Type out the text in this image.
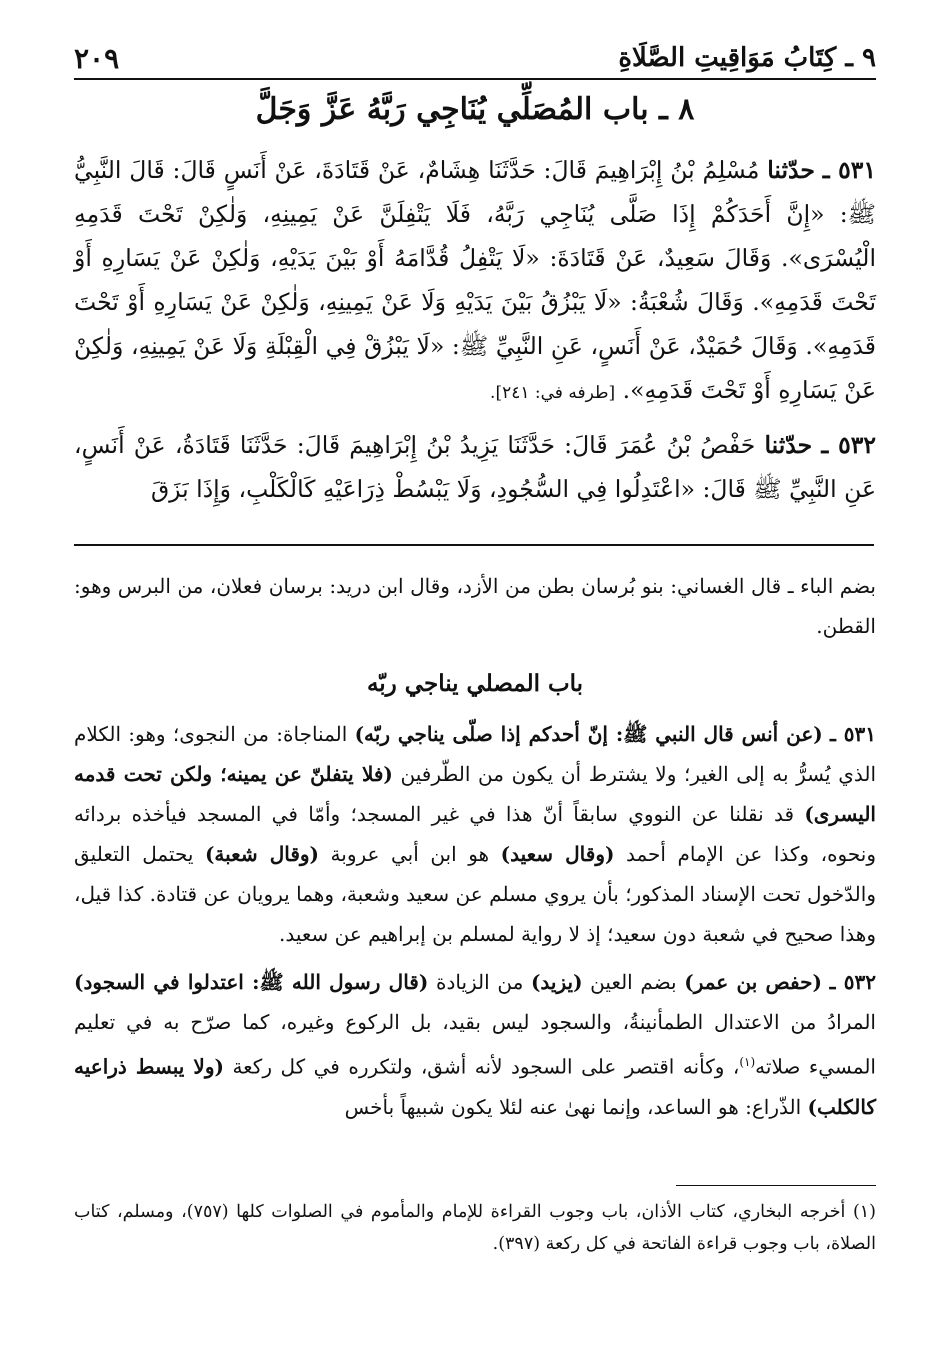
٩ ـ كِتَابُ مَوَاقِيتِ الصَّلَاةِ
٢٠٩
٨ ـ باب المُصَلِّي يُنَاجِي رَبَّهُ عَزَّ وَجَلَّ

٥٣١ ـ حدّثنا مُسْلِمُ بْنُ إِبْرَاهِيمَ قَالَ: حَدَّثَنَا هِشَامٌ، عَنْ قَتَادَةَ، عَنْ أَنَسٍ قَالَ: قَالَ النَّبِيُّ ﷺ: «إِنَّ أَحَدَكُمْ إِذَا صَلَّى يُنَاجِي رَبَّهُ، فَلَا يَتْفِلَنَّ عَنْ يَمِينِهِ، وَلٰكِنْ تَحْتَ قَدَمِهِ الْيُسْرَى». وَقَالَ سَعِيدٌ، عَنْ قَتَادَةَ: «لَا يَتْفِلُ قُدَّامَهُ أَوْ بَيْنَ يَدَيْهِ، وَلٰكِنْ عَنْ يَسَارِهِ أَوْ تَحْتَ قَدَمِهِ». وَقَالَ شُعْبَةُ: «لَا يَبْزُقُ بَيْنَ يَدَيْهِ وَلَا عَنْ يَمِينِهِ، وَلٰكِنْ عَنْ يَسَارِهِ أَوْ تَحْتَ قَدَمِهِ». وَقَالَ حُمَيْدٌ، عَنْ أَنَسٍ، عَنِ النَّبِيِّ ﷺ: «لَا يَبْزُقْ فِي الْقِبْلَةِ وَلَا عَنْ يَمِينِهِ، وَلٰكِنْ عَنْ يَسَارِهِ أَوْ تَحْتَ قَدَمِهِ». [طرفه في: ٢٤١].

٥٣٢ ـ حدّثنا حَفْصُ بْنُ عُمَرَ قَالَ: حَدَّثَنَا يَزِيدُ بْنُ إِبْرَاهِيمَ قَالَ: حَدَّثَنَا قَتَادَةُ، عَنْ أَنَسٍ، عَنِ النَّبِيِّ ﷺ قَالَ: «اعْتَدِلُوا فِي السُّجُودِ، وَلَا يَبْسُطْ ذِرَاعَيْهِ كَالْكَلْبِ، وَإِذَا بَزَقَ

بضم الباء ـ قال الغساني: بنو بُرسان بطن من الأزد، وقال ابن دريد: برسان فعلان، من البرس وهو: القطن.

باب المصلي يناجي ربّه

٥٣١ ـ (عن أنس قال النبي ﷺ: إنّ أحدكم إذا صلّى يناجي ربّه) المناجاة: من النجوى؛ وهو: الكلام الذي يُسرُّ به إلى الغير؛ ولا يشترط أن يكون من الطّرفين (فلا يتفلنّ عن يمينه؛ ولكن تحت قدمه اليسرى) قد نقلنا عن النووي سابقاً أنّ هذا في غير المسجد؛ وأمّا في المسجد فيأخذه بردائه ونحوه، وكذا عن الإمام أحمد (وقال سعيد) هو ابن أبي عروبة (وقال شعبة) يحتمل التعليق والدّخول تحت الإسناد المذكور؛ بأن يروي مسلم عن سعيد وشعبة، وهما يرويان عن قتادة. كذا قيل، وهذا صحيح في شعبة دون سعيد؛ إذ لا رواية لمسلم بن إبراهيم عن سعيد.

٥٣٢ ـ (حفص بن عمر) بضم العين (يزيد) من الزيادة (قال رسول الله ﷺ: اعتدلوا في السجود) المرادُ من الاعتدال الطمأنينةُ، والسجود ليس بقيد، بل الركوع وغيره، كما صرّح به في تعليم المسيء صلاته$^{(١)}$، وكأنه اقتصر على السجود لأنه أشق، ولتكرره في كل ركعة (ولا يبسط ذراعيه كالكلب) الذّراع: هو الساعد، وإنما نهىٰ عنه لئلا يكون شبيهاً بأخس

(١) أخرجه البخاري، كتاب الأذان، باب وجوب القراءة للإمام والمأموم في الصلوات كلها (٧٥٧)، ومسلم، كتاب الصلاة، باب وجوب قراءة الفاتحة في كل ركعة (٣٩٧).
